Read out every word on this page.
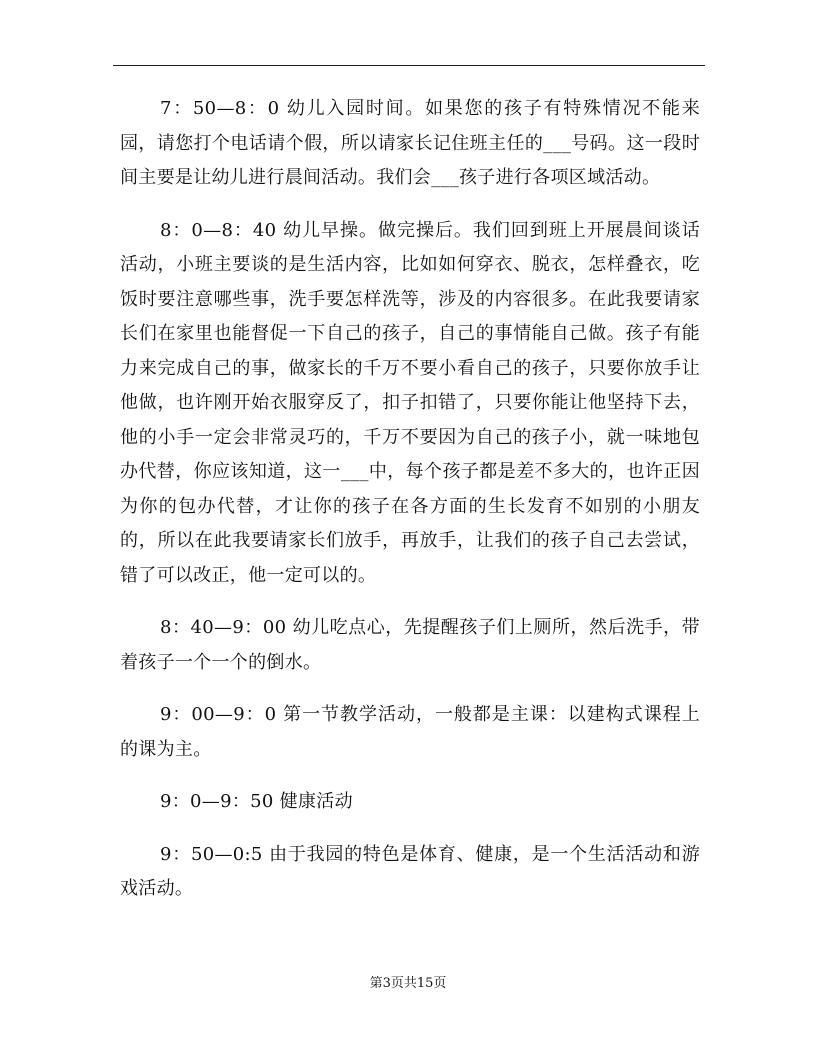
7：50—8：0 幼儿入园时间。如果您的孩子有特殊情况不能来园，请您打个电话请个假，所以请家长记住班主任的___号码。这一段时间主要是让幼儿进行晨间活动。我们会___孩子进行各项区域活动。

8：0—8：40 幼儿早操。做完操后。我们回到班上开展晨间谈话活动，小班主要谈的是生活内容，比如如何穿衣、脱衣，怎样叠衣，吃饭时要注意哪些事，洗手要怎样洗等，涉及的内容很多。在此我要请家长们在家里也能督促一下自己的孩子，自己的事情能自己做。孩子有能力来完成自己的事，做家长的千万不要小看自己的孩子，只要你放手让他做，也许刚开始衣服穿反了，扣子扣错了，只要你能让他坚持下去，他的小手一定会非常灵巧的，千万不要因为自己的孩子小，就一味地包办代替，你应该知道，这一___中，每个孩子都是差不多大的，也许正因为你的包办代替，才让你的孩子在各方面的生长发育不如别的小朋友的，所以在此我要请家长们放手，再放手，让我们的孩子自己去尝试，错了可以改正，他一定可以的。

8：40—9：00 幼儿吃点心，先提醒孩子们上厕所，然后洗手，带着孩子一个一个的倒水。

9：00—9：0 第一节教学活动，一般都是主课：以建构式课程上的课为主。

9：0—9：50 健康活动

9：50—0:5 由于我园的特色是体育、健康，是一个生活活动和游戏活动。

第3页共15页
